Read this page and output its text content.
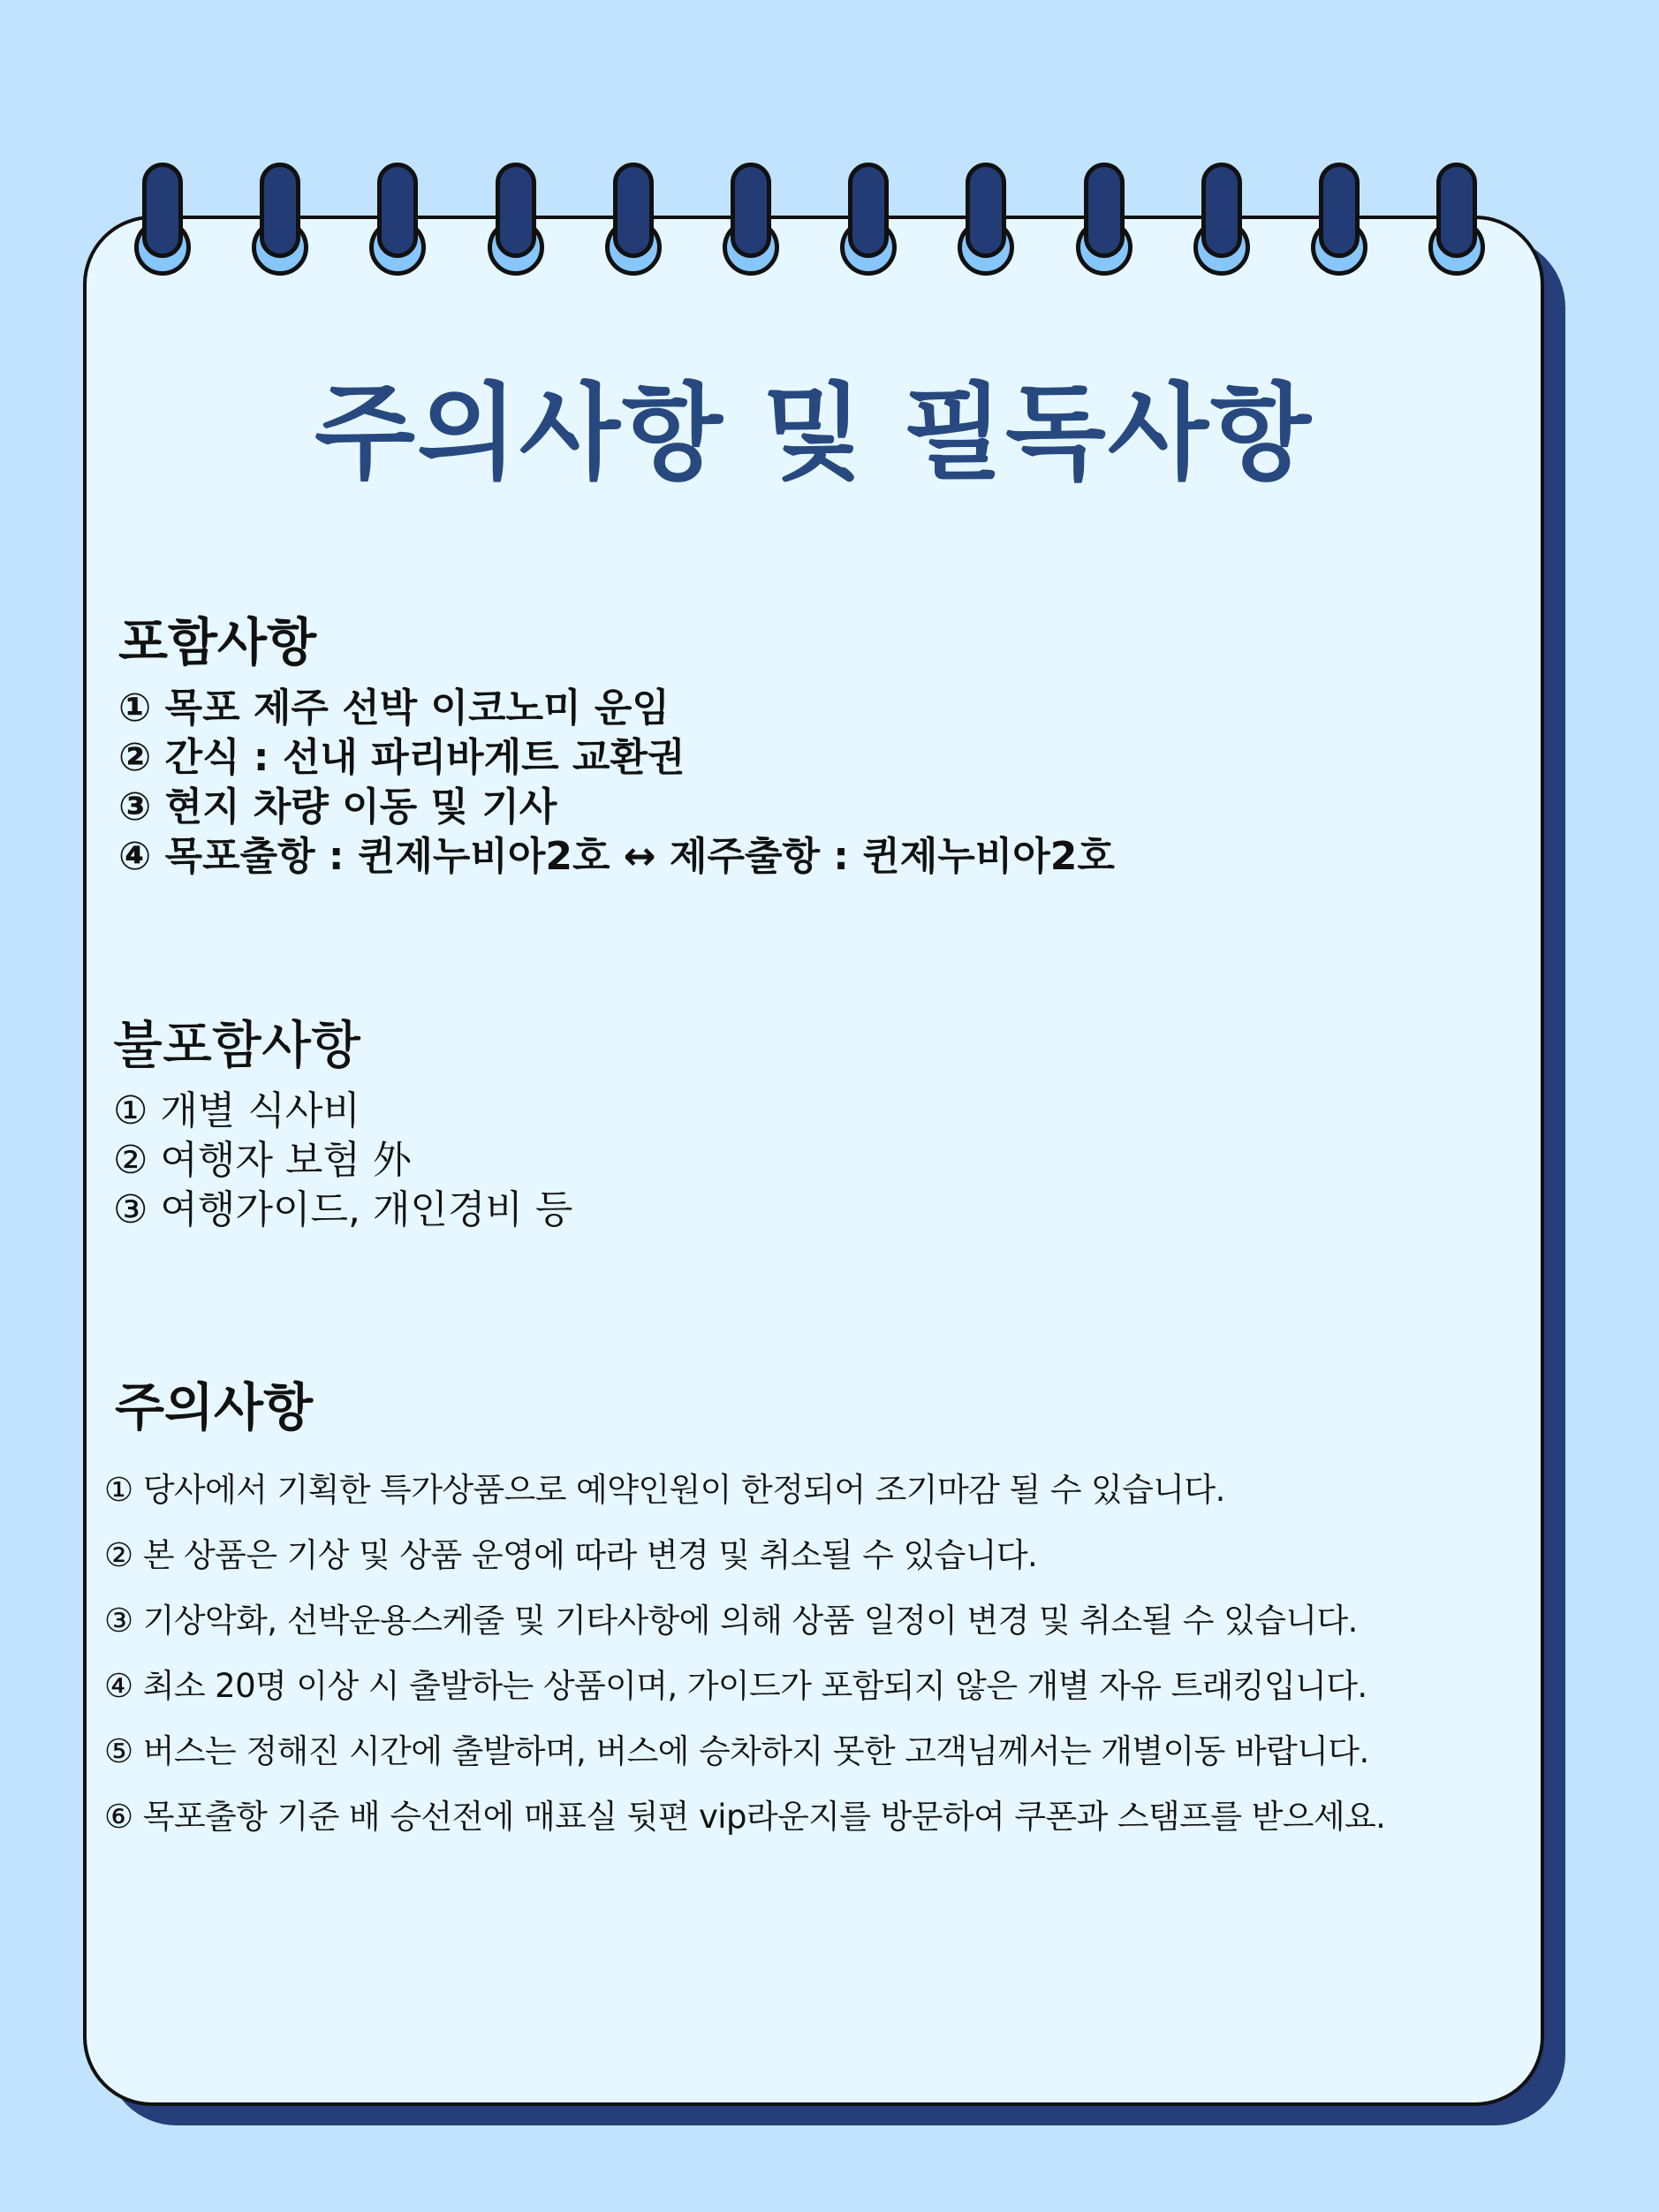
주의사항 및 필독사항
포함사항
① 목포 제주 선박 이코노미 운임
② 간식 : 선내 파리바게트 교환권
③ 현지 차량 이동 및 기사
④ 목포출항 : 퀸제누비아2호 ↔ 제주출항 : 퀸제누비아2호
불포함사항
① 개별 식사비
② 여행자 보험 外
③ 여행가이드, 개인경비 등
주의사항
① 당사에서 기획한 특가상품으로 예약인원이 한정되어 조기마감 될 수 있습니다.
② 본 상품은 기상 및 상품 운영에 따라 변경 및 취소될 수 있습니다.
③ 기상악화, 선박운용스케줄 및 기타사항에 의해 상품 일정이 변경 및 취소될 수 있습니다.
④ 최소 20명 이상 시 출발하는 상품이며, 가이드가 포함되지 않은 개별 자유 트래킹입니다.
⑤ 버스는 정해진 시간에 출발하며, 버스에 승차하지 못한 고객님께서는 개별이동 바랍니다.
⑥ 목포출항 기준 배 승선전에 매표실 뒷편 vip라운지를 방문하여 쿠폰과 스탬프를 받으세요.
